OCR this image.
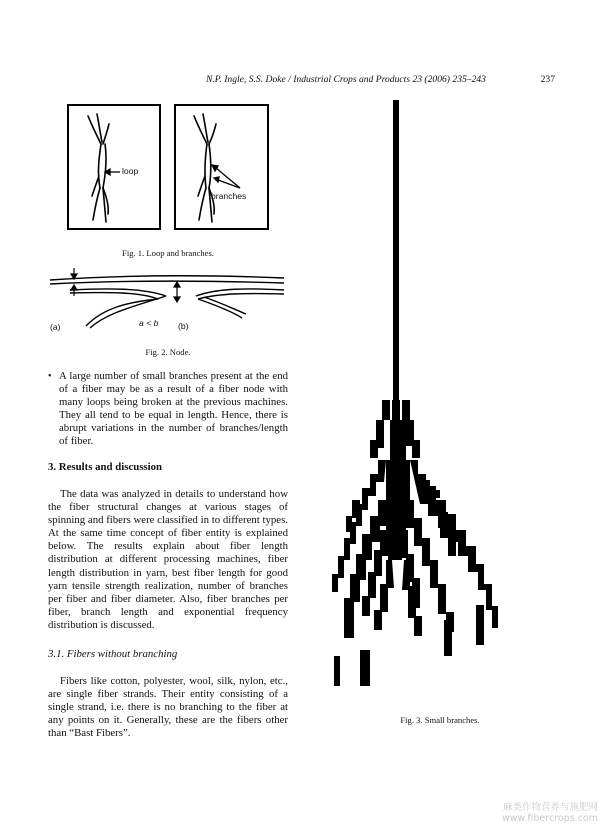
N.P. Ingle, S.S. Doke / Industrial Crops and Products 23 (2006) 235–243	237
loop
branches
Fig. 1. Loop and branches.
(a)	a < b (b)
Fig. 2. Node.
• A large number of small branches present at the end of a fiber may be as a result of a fiber node with many loops being broken at the previous machines. They all tend to be equal in length. Hence, there is abrupt variations in the number of branches/length of fiber.
3. Results and discussion
The data was analyzed in details to understand how the fiber structural changes at various stages of spinning and fibers were classified in to different types. At the same time concept of fiber entity is explained below. The results explain about fiber length distribution at different processing machines, fiber length distribution in yarn, best fiber length for good yarn tensile strength realization, number of branches per fiber and fiber diameter. Also, fiber branches per fiber, branch length and exponential frequency distribution is discussed.
3.1. Fibers without branching
Fibers like cotton, polyester, wool, silk, nylon, etc., are single fiber strands. Their entity consisting of a single strand, i.e. there is no branching to the fiber at any points on it. Generally, these are the fibers other than “Bast Fibers”.
Fig. 3. Small branches.
麻类作物营养与施肥网
www.fibercrops.com
